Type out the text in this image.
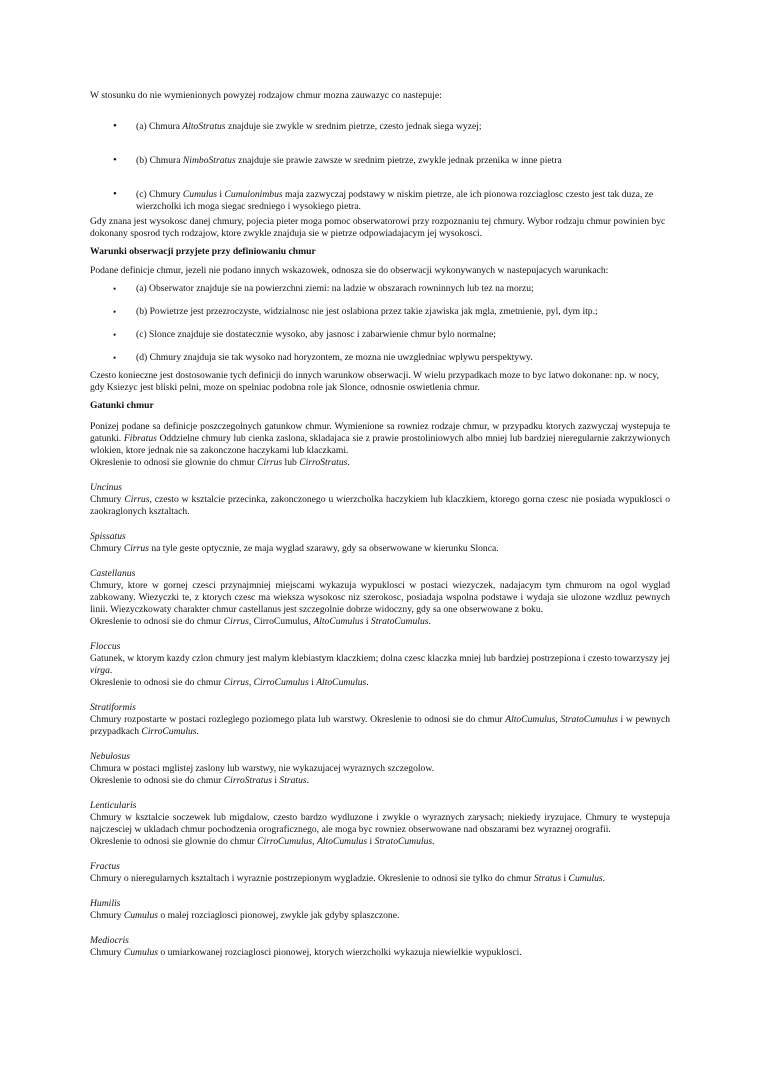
W stosunku do nie wymienionych powyzej rodzajow chmur mozna zauwazyc co nastepuje:

• (a) Chmura AltoStratus znajduje sie zwykle w srednim pietrze, czesto jednak siega wyzej;
• (b) Chmura NimboStratus znajduje sie prawie zawsze w srednim pietrze, zwykle jednak przenika w inne pietra
• (c) Chmury Cumulus i Cumulonimbus maja zazwyczaj podstawy w niskim pietrze, ale ich pionowa rozciaglosc czesto jest tak duza, ze wierzcholki ich moga siegac sredniego i wysokiego pietra.

Gdy znana jest wysokosc danej chmury, pojecia pieter moga pomoc obserwatorowi przy rozpoznaniu tej chmury. Wybor rodzaju chmur powinien byc dokonany sposrod tych rodzajow, ktore zwykle znajduja sie w pietrze odpowiadajacym jej wysokosci.

Warunki obserwacji przyjete przy definiowaniu chmur

Podane definicje chmur, jezeli nie podano innych wskazowek, odnosza sie do obserwacji wykonywanych w nastepujacych warunkach:

• (a) Obserwator znajduje sie na powierzchni ziemi: na ladzie w obszarach rowninnych lub tez na morzu;
• (b) Powietrze jest przezroczyste, widzialnosc nie jest oslabiona przez takie zjawiska jak mgla, zmetnienie, pyl, dym itp.;
• (c) Slonce znajduje sie dostatecznie wysoko, aby jasnosc i zabarwienie chmur bylo normalne;
• (d) Chmury znajduja sie tak wysoko nad horyzontem, ze mozna nie uwzgledniac wplywu perspektywy.

Czesto konieczne jest dostosowanie tych definicji do innych warunkow obserwacji. W wielu przypadkach moze to byc latwo dokonane: np. w nocy, gdy Ksiezyc jest bliski pelni, moze on spelniac podobna role jak Slonce, odnosnie oswietlenia chmur.

Gatunki chmur

Ponizej podane sa definicje poszczegolnych gatunkow chmur. Wymienione sa rowniez rodzaje chmur, w przypadku ktorych zazwyczaj wystepuja te gatunki. Fibratus Oddzielne chmury lub cienka zaslona, skladajaca sie z prawie prostoliniowych albo mniej lub bardziej nieregularnie zakrzywionych wlokien, ktore jednak nie sa zakonczone haczykami lub klaczkami.

Okreslenie to odnosi sie glownie do chmur Cirrus lub CirroStratus.

Uncinus

Chmury Cirrus, czesto w ksztalcie przecinka, zakonczonego u wierzcholka haczykiem lub klaczkiem, ktorego gorna czesc nie posiada wypuklosci o zaokraglonych ksztaltach.

Spissatus

Chmury Cirrus na tyle geste optycznie, ze maja wyglad szarawy, gdy sa obserwowane w kierunku Slonca.

Castellanus

Chmury, ktore w gornej czesci przynajmniej miejscami wykazuja wypuklosci w postaci wiezyczek, nadajacym tym chmurom na ogol wyglad zabkowany. Wiezyczki te, z ktorych czesc ma wieksza wysokosc niz szerokosc, posiadaja wspolna podstawe i wydaja sie ulozone wzdluz pewnych linii. Wiezyczkowaty charakter chmur castellanus jest szczegolnie dobrze widoczny, gdy sa one obserwowane z boku.

Okreslenie to odnosi sie do chmur Cirrus, CirroCumulus, AltoCumulus i StratoCumulus.

Floccus

Gatunek, w ktorym kazdy czlon chmury jest malym klebiastym klaczkiem; dolna czesc klaczka mniej lub bardziej postrzepiona i czesto towarzyszy jej virga.

Okreslenie to odnosi sie do chmur Cirrus, CirroCumulus i AltoCumulus.

Stratiformis

Chmury rozpostarte w postaci rozleglego poziomego plata lub warstwy. Okreslenie to odnosi sie do chmur AltoCumulus, StratoCumulus i w pewnych przypadkach CirroCumulus.

Nebulosus

Chmura w postaci mglistej zaslony lub warstwy, nie wykazujacej wyraznych szczegolow.

Okreslenie to odnosi sie do chmur CirroStratus i Stratus.

Lenticularis

Chmury w ksztalcie soczewek lub migdalow, czesto bardzo wydluzone i zwykle o wyraznych zarysach; niekiedy iryzujace. Chmury te wystepuja najczesciej w ukladach chmur pochodzenia orograficznego, ale moga byc rowniez obserwowane nad obszarami bez wyraznej orografii.

Okreslenie to odnosi sie glownie do chmur CirroCumulus, AltoCumulus i StratoCumulus.

Fractus

Chmury o nieregularnych ksztaltach i wyraznie postrzepionym wygladzie. Okreslenie to odnosi sie tylko do chmur Stratus i Cumulus.

Humilis

Chmury Cumulus o malej rozciaglosci pionowej, zwykle jak gdyby splaszczone.

Mediocris

Chmury Cumulus o umiarkowanej rozciaglosci pionowej, ktorych wierzcholki wykazuja niewielkie wypuklosci.
